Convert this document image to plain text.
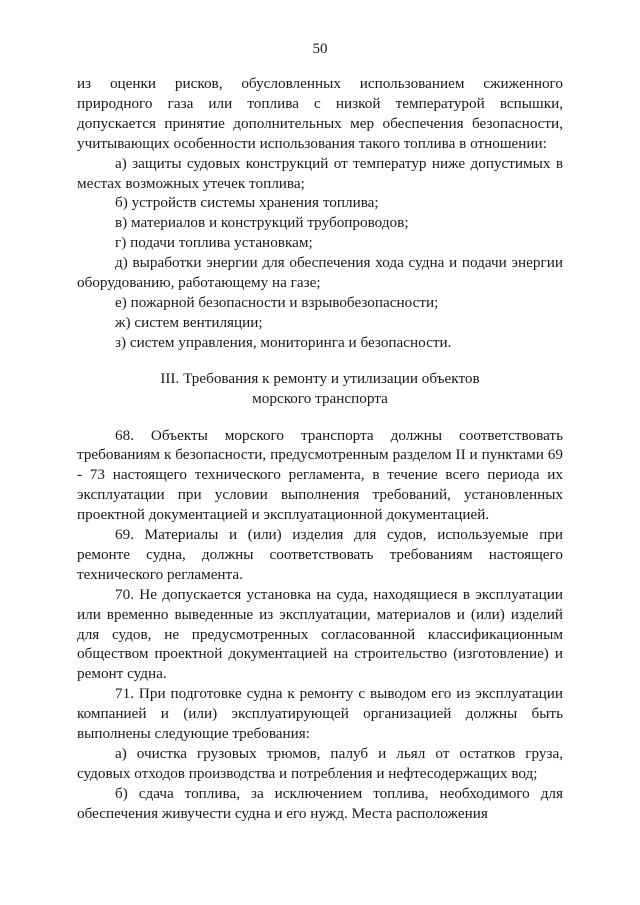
50

из оценки рисков, обусловленных использованием сжиженного природного газа или топлива с низкой температурой вспышки, допускается принятие дополнительных мер обеспечения безопасности, учитывающих особенности использования такого топлива в отношении:

а) защиты судовых конструкций от температур ниже допустимых в местах возможных утечек топлива;

б) устройств системы хранения топлива;

в) материалов и конструкций трубопроводов;

г) подачи топлива установкам;

д) выработки энергии для обеспечения хода судна и подачи энергии оборудованию, работающему на газе;

е) пожарной безопасности и взрывобезопасности;

ж) систем вентиляции;

з) систем управления, мониторинга и безопасности.

III. Требования к ремонту и утилизации объектов
морского транспорта

68. Объекты морского транспорта должны соответствовать требованиям к безопасности, предусмотренным разделом II и пунктами 69 - 73 настоящего технического регламента, в течение всего периода их эксплуатации при условии выполнения требований, установленных проектной документацией и эксплуатационной документацией.

69. Материалы и (или) изделия для судов, используемые при ремонте судна, должны соответствовать требованиям настоящего технического регламента.

70. Не допускается установка на суда, находящиеся в эксплуатации или временно выведенные из эксплуатации, материалов и (или) изделий для судов, не предусмотренных согласованной классификационным обществом проектной документацией на строительство (изготовление) и ремонт судна.

71. При подготовке судна к ремонту с выводом его из эксплуатации компанией и (или) эксплуатирующей организацией должны быть выполнены следующие требования:

а) очистка грузовых трюмов, палуб и льял от остатков груза, судовых отходов производства и потребления и нефтесодержащих вод;

б) сдача топлива, за исключением топлива, необходимого для обеспечения живучести судна и его нужд. Места расположения
